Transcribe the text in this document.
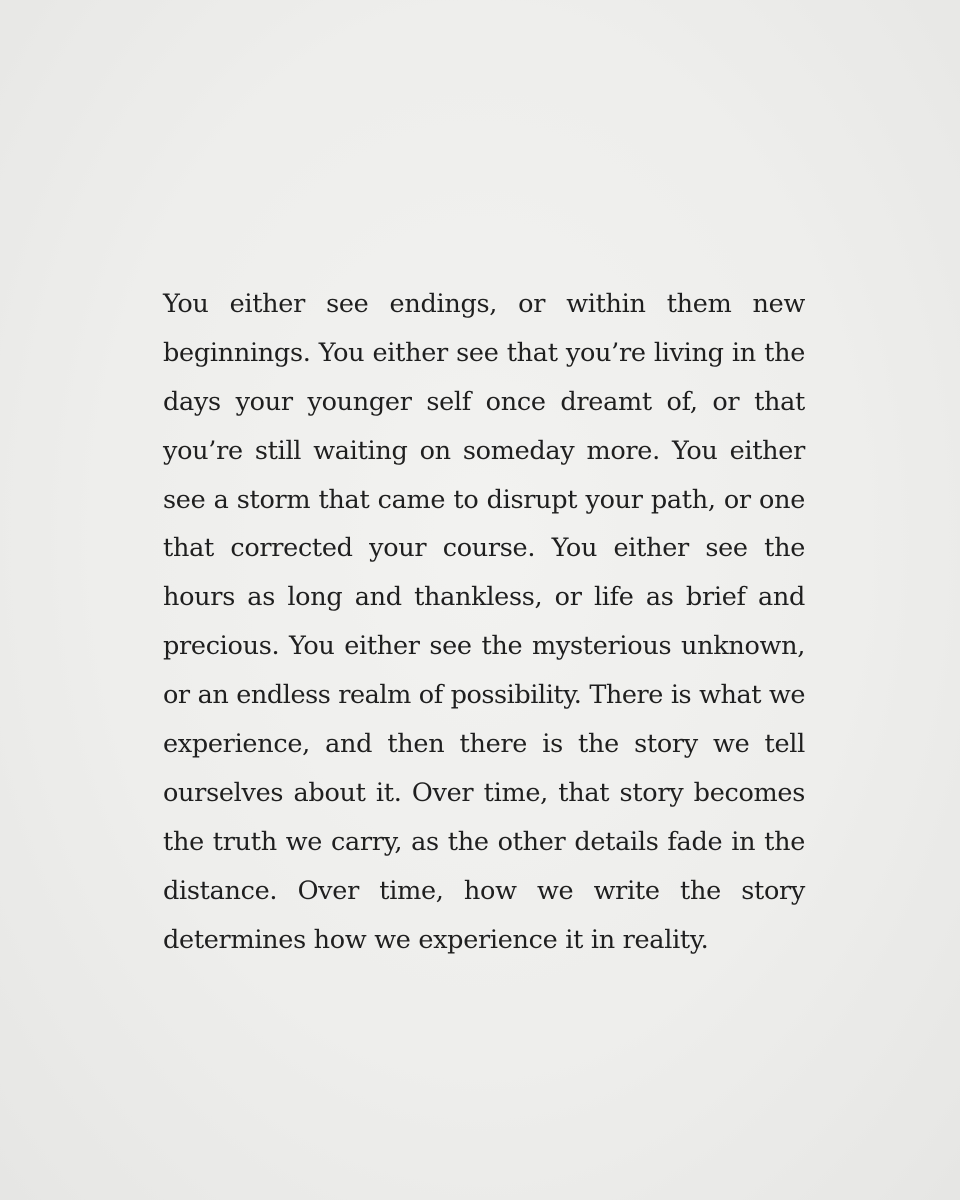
You either see endings, or within them new
beginnings. You either see that you’re living in the
days your younger self once dreamt of, or that
you’re still waiting on someday more. You either
see a storm that came to disrupt your path, or one
that corrected your course. You either see the
hours as long and thankless, or life as brief and
precious. You either see the mysterious unknown,
or an endless realm of possibility. There is what we
experience, and then there is the story we tell
ourselves about it. Over time, that story becomes
the truth we carry, as the other details fade in the
distance. Over time, how we write the story
determines how we experience it in reality.
